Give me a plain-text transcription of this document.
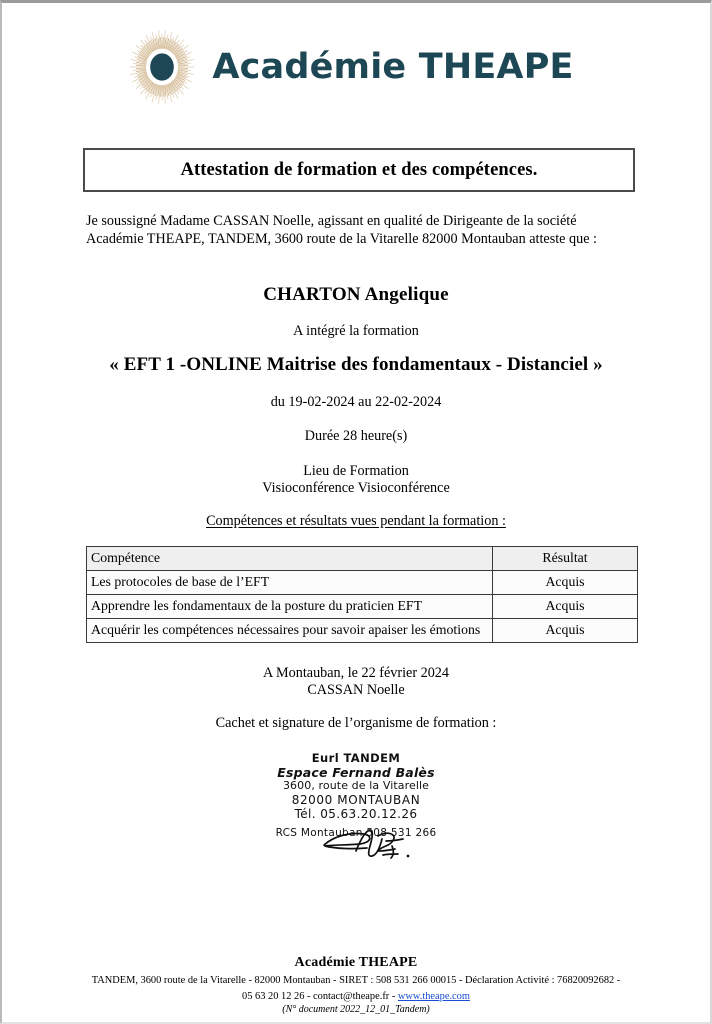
Académie THEAPE
Attestation de formation et des compétences.
Je soussigné Madame CASSAN Noelle, agissant en qualité de Dirigeante de la société
Académie THEAPE, TANDEM, 3600 route de la Vitarelle 82000 Montauban atteste que :
CHARTON Angelique
A intégré la formation
« EFT 1 -ONLINE Maitrise des fondamentaux - Distanciel »
du 19-02-2024 au 22-02-2024
Durée 28 heure(s)
Lieu de Formation
Visioconférence Visioconférence
Compétences et résultats vues pendant la formation :
Compétence	Résultat
Les protocoles de base de l’EFT	Acquis
Apprendre les fondamentaux de la posture du praticien EFT	Acquis
Acquérir les compétences nécessaires pour savoir apaiser les émotions	Acquis
A Montauban, le 22 février 2024
CASSAN Noelle
Cachet et signature de l’organisme de formation :
Eurl TANDEM
Espace Fernand Balès
3600, route de la Vitarelle
82000 MONTAUBAN
Tél. 05.63.20.12.26
RCS Montauban 508 531 266
Académie THEAPE
TANDEM, 3600 route de la Vitarelle - 82000 Montauban - SIRET : 508 531 266 00015 - Déclaration Activité : 76820092682 -
05 63 20 12 26 - contact@theape.fr - www.theape.com
(N° document 2022_12_01_Tandem)
